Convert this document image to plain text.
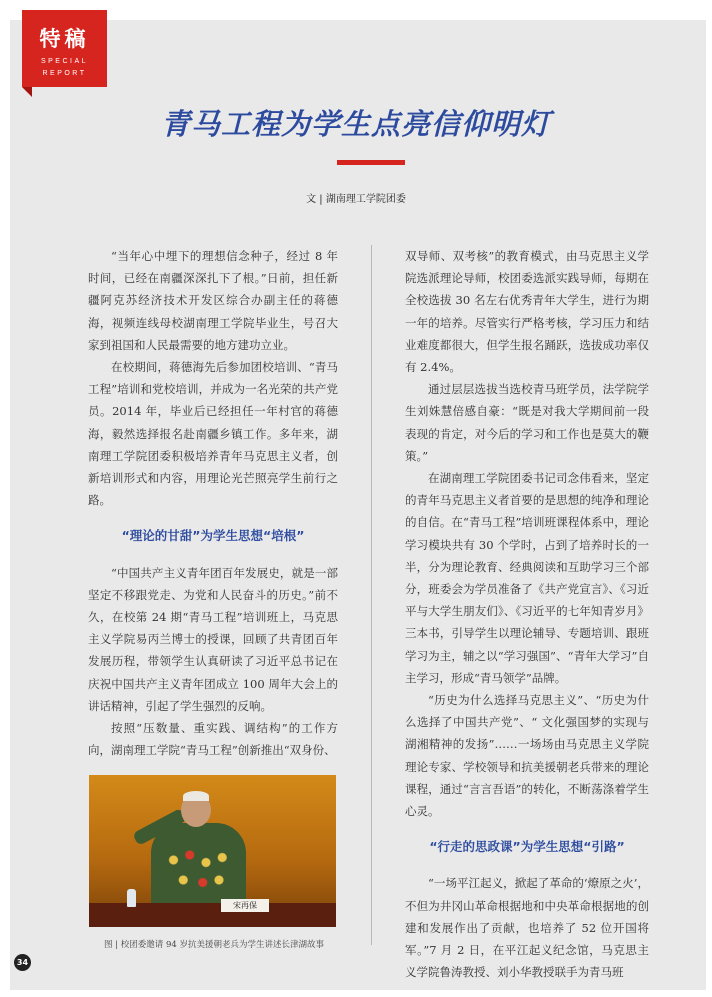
特稿
SPECIAL
REPORT
青马工程为学生点亮信仰明灯
文 | 湖南理工学院团委

“当年心中埋下的理想信念种子，经过 8 年时间，已经在南疆深深扎下了根。”日前，担任新疆阿克苏经济技术开发区综合办副主任的蒋德海，视频连线母校湖南理工学院毕业生，号召大家到祖国和人民最需要的地方建功立业。

在校期间，蒋德海先后参加团校培训、“青马工程”培训和党校培训，并成为一名光荣的共产党员。2014 年，毕业后已经担任一年村官的蒋德海，毅然选择报名赴南疆乡镇工作。多年来，湖南理工学院团委积极培养青年马克思主义者，创新培训形式和内容，用理论光芒照亮学生前行之路。

“理论的甘甜”为学生思想“培根”

“中国共产主义青年团百年发展史，就是一部坚定不移跟党走、为党和人民奋斗的历史。”前不久，在校第 24 期“青马工程”培训班上，马克思主义学院易丙兰博士的授课，回顾了共青团百年发展历程，带领学生认真研读了习近平总书记在庆祝中国共产主义青年团成立 100 周年大会上的讲话精神，引起了学生强烈的反响。

按照“压数量、重实践、调结构”的工作方向，湖南理工学院“青马工程”创新推出“双身份、

双导师、双考核”的教育模式，由马克思主义学院选派理论导师，校团委选派实践导师，每期在全校选拔 30 名左右优秀青年大学生，进行为期一年的培养。尽管实行严格考核，学习压力和结业难度都很大，但学生报名踊跃，选拔成功率仅有 2.4%。

通过层层选拔当选校青马班学员，法学院学生刘姝慧倍感自豪：“既是对我大学期间前一段表现的肯定，对今后的学习和工作也是莫大的鞭策。”

在湖南理工学院团委书记司念伟看来，坚定的青年马克思主义者首要的是思想的纯净和理论的自信。在“青马工程”培训班课程体系中，理论学习模块共有 30 个学时，占到了培养时长的一半，分为理论教育、经典阅读和互助学习三个部分，班委会为学员准备了《共产党宣言》、《习近平与大学生朋友们》、《习近平的七年知青岁月》三本书，引导学生以理论辅导、专题培训、跟班学习为主，辅之以“学习强国”、“青年大学习”自主学习，形成“青马领学”品牌。

“历史为什么选择马克思主义”、“历史为什么选择了中国共产党”、“ 文化强国梦的实现与湖湘精神的发扬”……一场场由马克思主义学院理论专家、学校领导和抗美援朝老兵带来的理论课程，通过“言言吾语”的转化，不断荡涤着学生心灵。

“行走的思政课”为学生思想“引路”

“一场平江起义，掀起了革命的‘燎原之火’，不但为井冈山革命根据地和中央革命根据地的创建和发展作出了贡献，也培养了 52 位开国将军。”7 月 2 日，在平江起义纪念馆，马克思主义学院鲁涛教授、刘小华教授联手为青马班

宋再保
图 | 校团委邀请 94 岁抗美援朝老兵为学生讲述长津湖故事
34
